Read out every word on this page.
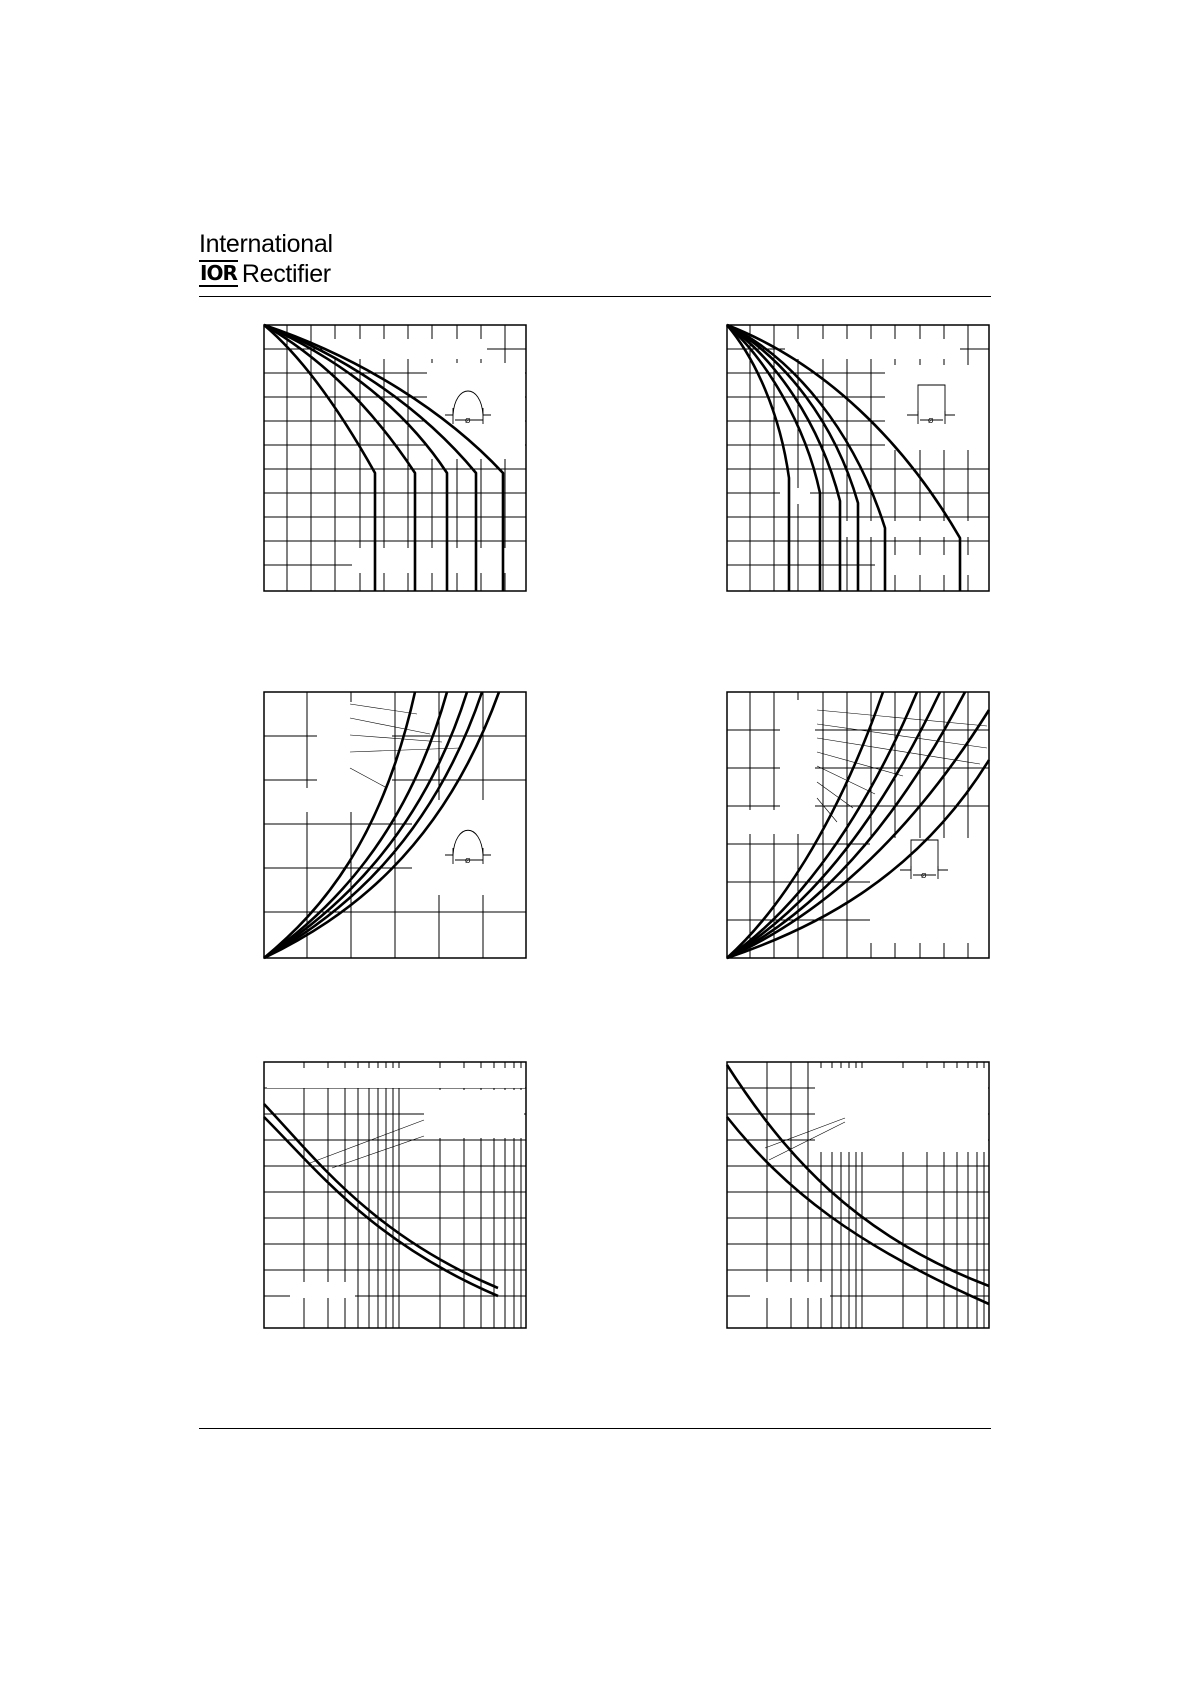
International
IOR Rectifier
Ø	Ø
Ø
Ø
